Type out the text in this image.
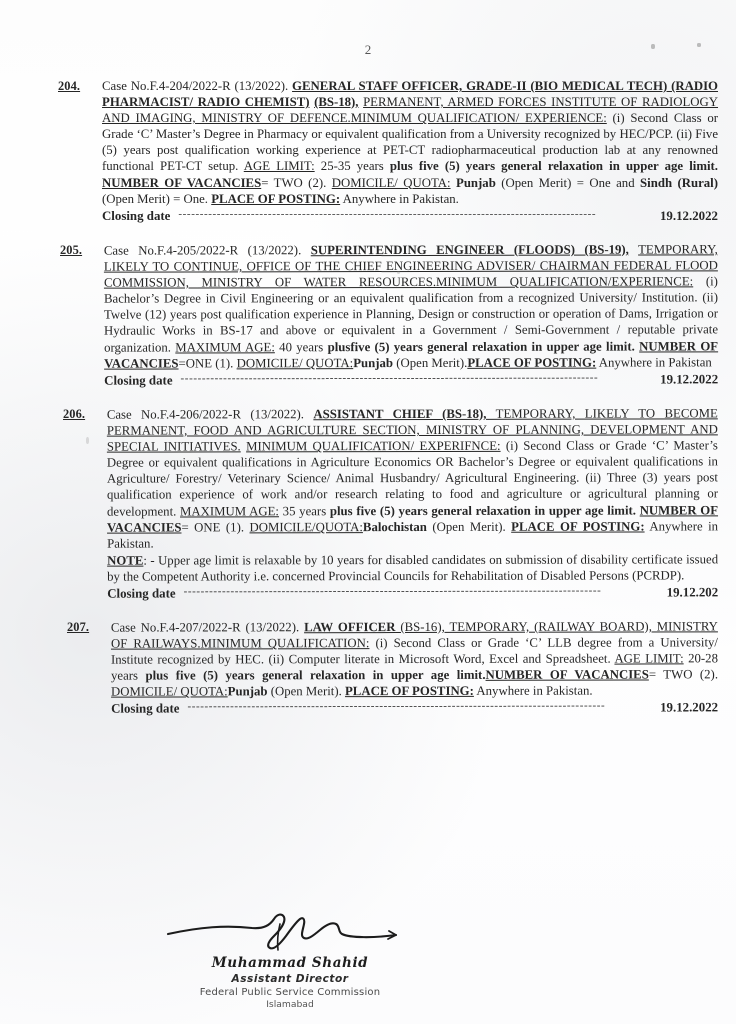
2
204.	Case No.F.4-204/2022-R (13/2022). GENERAL STAFF OFFICER, GRADE-II (BIO MEDICAL TECH) (RADIO PHARMACIST/ RADIO CHEMIST) (BS-18), PERMANENT, ARMED FORCES INSTITUTE OF RADIOLOGY AND IMAGING, MINISTRY OF DEFENCE.MINIMUM QUALIFICATION/ EXPERIENCE: (i) Second Class or Grade ‘C’ Master’s Degree in Pharmacy or equivalent qualification from a University recognized by HEC/PCP. (ii) Five (5) years post qualification working experience at PET-CT radiopharmaceutical production lab at any renowned functional PET-CT setup. AGE LIMIT: 25-35 years plus five (5) years general relaxation in upper age limit. NUMBER OF VACANCIES= TWO (2). DOMICILE/ QUOTA: Punjab (Open Merit) = One and Sindh (Rural) (Open Merit) = One. PLACE OF POSTING: Anywhere in Pakistan.
Closing date --------------------------------------------------------------------------------------------------	19.12.2022
205.	Case No.F.4-205/2022-R (13/2022). SUPERINTENDING ENGINEER (FLOODS) (BS-19), TEMPORARY, LIKELY TO CONTINUE, OFFICE OF THE CHIEF ENGINEERING ADVISER/ CHAIRMAN FEDERAL FLOOD COMMISSION, MINISTRY OF WATER RESOURCES.MINIMUM QUALIFICATION/EXPERIENCE: (i) Bachelor’s Degree in Civil Engineering or an equivalent qualification from a recognized University/ Institution. (ii) Twelve (12) years post qualification experience in Planning, Design or construction or operation of Dams, Irrigation or Hydraulic Works in BS-17 and above or equivalent in a Government / Semi-Government / reputable private organization. MAXIMUM AGE: 40 years plusfive (5) years general relaxation in upper age limit. NUMBER OF VACANCIES=ONE (1). DOMICILE/ QUOTA:Punjab (Open Merit).PLACE OF POSTING: Anywhere in Pakistan
Closing date --------------------------------------------------------------------------------------------------	19.12.2022
206.	Case No.F.4-206/2022-R (13/2022). ASSISTANT CHIEF (BS-18), TEMPORARY, LIKELY TO BECOME PERMANENT, FOOD AND AGRICULTURE SECTION, MINISTRY OF PLANNING, DEVELOPMENT AND SPECIAL INITIATIVES. MINIMUM QUALIFICATION/ EXPERIFNCE: (i) Second Class or Grade ‘C’ Master’s Degree or equivalent qualifications in Agriculture Economics OR Bachelor’s Degree or equivalent qualifications in Agriculture/ Forestry/ Veterinary Science/ Animal Husbandry/ Agricultural Engineering. (ii) Three (3) years post qualification experience of work and/or research relating to food and agriculture or agricultural planning or development. MAXIMUM AGE: 35 years plus five (5) years general relaxation in upper age limit. NUMBER OF VACANCIES= ONE (1). DOMICILE/QUOTA:Balochistan (Open Merit). PLACE OF POSTING: Anywhere in Pakistan.
NOTE: - Upper age limit is relaxable by 10 years for disabled candidates on submission of disability certificate issued by the Competent Authority i.e. concerned Provincial Councils for Rehabilitation of Disabled Persons (PCRDP).
Closing date --------------------------------------------------------------------------------------------------	19.12.202
207.	Case No.F.4-207/2022-R (13/2022). LAW OFFICER (BS-16), TEMPORARY, (RAILWAY BOARD), MINISTRY OF RAILWAYS.MINIMUM QUALIFICATION: (i) Second Class or Grade ‘C’ LLB degree from a University/ Institute recognized by HEC. (ii) Computer literate in Microsoft Word, Excel and Spreadsheet. AGE LIMIT: 20-28 years plus five (5) years general relaxation in upper age limit.NUMBER OF VACANCIES= TWO (2). DOMICILE/ QUOTA:Punjab (Open Merit). PLACE OF POSTING: Anywhere in Pakistan.
Closing date --------------------------------------------------------------------------------------------------	19.12.2022
Muhammad Shahid
Assistant Director
Federal Public Service Commission
Islamabad
